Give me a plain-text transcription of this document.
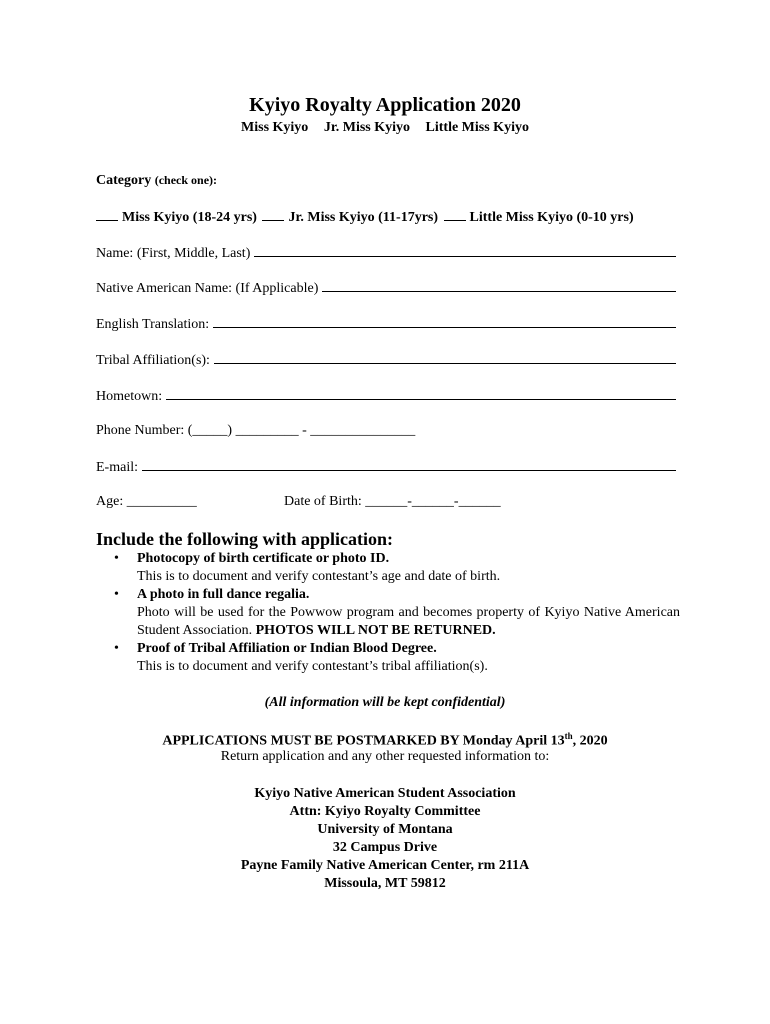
Kyiyo Royalty Application 2020
Miss Kyiyo Jr. Miss Kyiyo Little Miss Kyiyo
Category (check one):
Miss Kyiyo (18-24 yrs) Jr. Miss Kyiyo (11-17yrs) Little Miss Kyiyo (0-10 yrs)
Name: (First, Middle, Last)
Native American Name: (If Applicable)
English Translation:
Tribal Affiliation(s):
Hometown:
Phone Number: (_____) _________ - _______________
E-mail:
Age: __________	Date of Birth: ______-______-______
Include the following with application:
• Photocopy of birth certificate or photo ID.
This is to document and verify contestant’s age and date of birth.
• A photo in full dance regalia.
Photo will be used for the Powwow program and becomes property of Kyiyo Native American Student Association. PHOTOS WILL NOT BE RETURNED.
• Proof of Tribal Affiliation or Indian Blood Degree.
This is to document and verify contestant’s tribal affiliation(s).
(All information will be kept confidential)
APPLICATIONS MUST BE POSTMARKED BY Monday April 13th, 2020
Return application and any other requested information to:
Kyiyo Native American Student Association
Attn: Kyiyo Royalty Committee
University of Montana
32 Campus Drive
Payne Family Native American Center, rm 211A
Missoula, MT 59812
